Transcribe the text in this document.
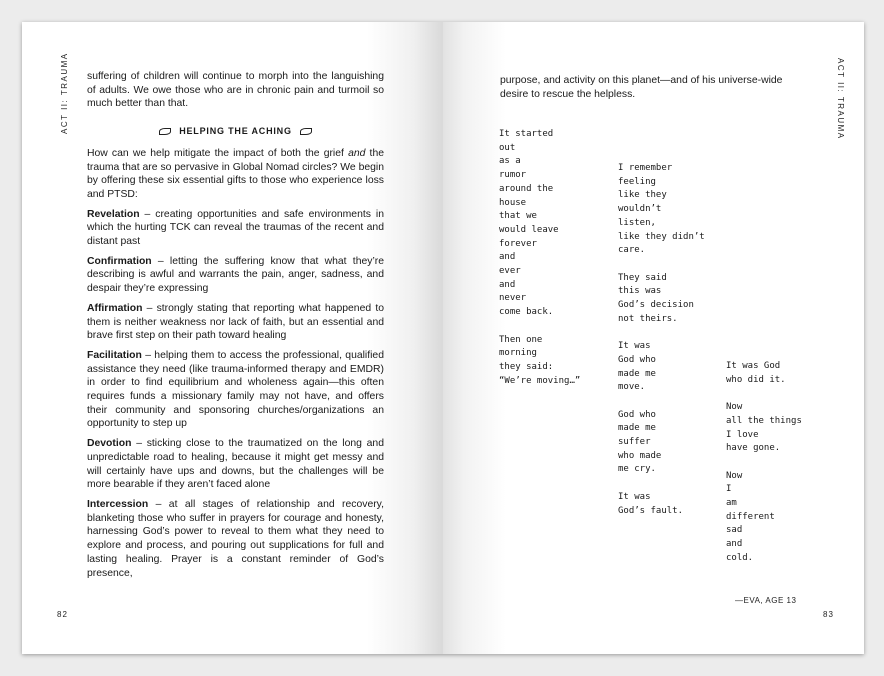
ACT II: TRAUMA suffering of children will continue to morph into the languishing of adults. We owe those who are in chronic pain and turmoil so much better than that.

HELPING THE ACHING

How can we help mitigate the impact of both the grief and the trauma that are so pervasive in Global Nomad circles? We begin by offering these six essential gifts to those who experience loss and PTSD:

Revelation – creating opportunities and safe environments in which the hurting TCK can reveal the traumas of the recent and distant past

Confirmation – letting the suffering know that what they’re describing is awful and warrants the pain, anger, sadness, and despair they’re expressing

Affirmation – strongly stating that reporting what happened to them is neither weakness nor lack of faith, but an essential and brave first step on their path toward healing

Facilitation – helping them to access the professional, qualified assistance they need (like trauma-informed therapy and EMDR) in order to find equilibrium and wholeness again—this often requires funds a missionary family may not have, and offers their community and sponsoring churches/organizations an opportunity to step up

Devotion – sticking close to the traumatized on the long and unpredictable road to healing, because it might get messy and will certainly have ups and downs, but the challenges will be more bearable if they aren’t faced alone

Intercession – at all stages of relationship and recovery, blanketing those who suffer in prayers for courage and honesty, harnessing God’s power to reveal to them what they need to explore and process, and pouring out supplications for full and lasting healing. Prayer is a constant reminder of God’s presence,

82
ACT II: TRAUMA

purpose, and activity on this planet—and of his universe-wide desire to rescue the helpless.

It started
out
as a
rumor
around the
house
that we
would leave
forever
and
ever
and
never
come back.
Then one
morning
they said:
“We’re moving…”
I remember
feeling
like they
wouldn’t
listen,
like they didn’t
care.
They said
this was
God’s decision
not theirs.
It was
God who
made me
move.
God who
made me
suffer
who made
me cry.
It was
God’s fault.
It was God
who did it.
Now
all the things
I love
have gone.
Now
I
am
different
sad
and
cold.
—EVA, AGE 13
83
